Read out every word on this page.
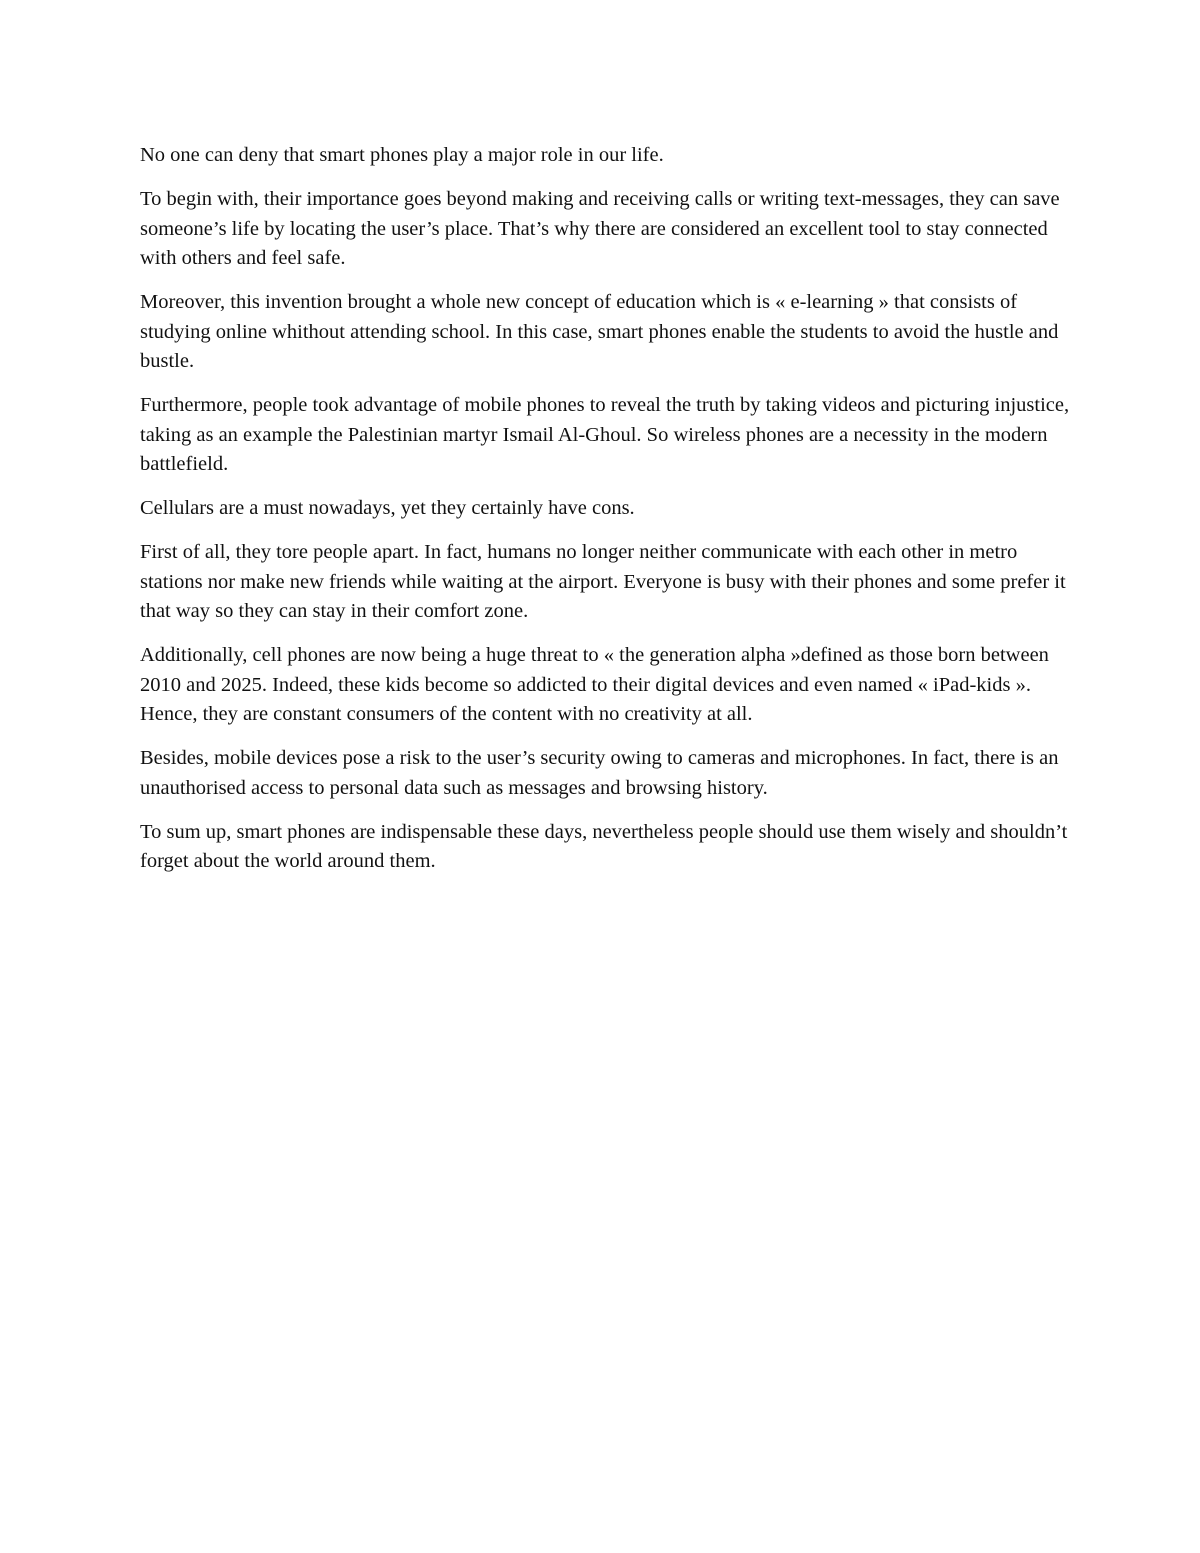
No one can deny that smart phones play a major role in our life.

To begin with, their importance goes beyond making and receiving calls or writing text-messages, they can save someone’s life by locating the user’s place. That’s why there are considered an excellent tool to stay connected with others and feel safe.

Moreover, this invention brought a whole new concept of education which is « e-learning » that consists of studying online whithout attending school. In this case, smart phones enable the students to avoid the hustle and bustle.

Furthermore, people took advantage of mobile phones to reveal the truth by taking videos and picturing injustice, taking as an example the Palestinian martyr Ismail Al-Ghoul. So wireless phones are a necessity in the modern battlefield.

Cellulars are a must nowadays, yet they certainly have cons.

First of all, they tore people apart. In fact, humans no longer neither communicate with each other in metro stations nor make new friends while waiting at the airport. Everyone is busy with their phones and some prefer it that way so they can stay in their comfort zone.

Additionally, cell phones are now being a huge threat to « the generation alpha »defined as those born between 2010 and 2025. Indeed, these kids become so addicted to their digital devices and even named « iPad-kids ». Hence, they are constant consumers of the content with no creativity at all.

Besides, mobile devices pose a risk to the user’s security owing to cameras and microphones. In fact, there is an unauthorised access to personal data such as messages and browsing history.

To sum up, smart phones are indispensable these days, nevertheless people should use them wisely and shouldn’t forget about the world around them.
